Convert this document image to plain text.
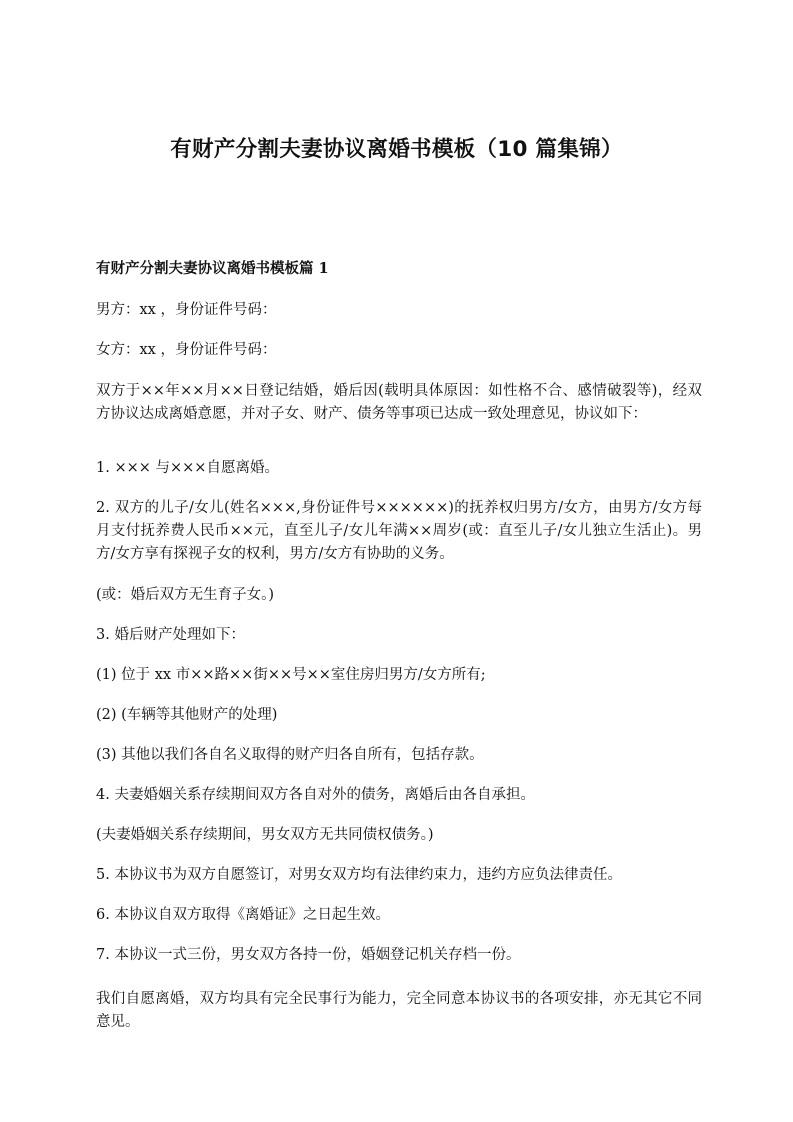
有财产分割夫妻协议离婚书模板（10 篇集锦）
有财产分割夫妻协议离婚书模板篇 1

男方：xx ，身份证件号码：

女方：xx ，身份证件号码：

双方于××年××月××日登记结婚，婚后因(载明具体原因：如性格不合、感情破裂等)，经双方协议达成离婚意愿，并对子女、财产、债务等事项已达成一致处理意见，协议如下：

1. ××× 与×××自愿离婚。

2. 双方的儿子/女儿(姓名×××,身份证件号××××××)的抚养权归男方/女方，由男方/女方每月支付抚养费人民币××元，直至儿子/女儿年满××周岁(或：直至儿子/女儿独立生活止)。男方/女方享有探视子女的权利，男方/女方有协助的义务。

(或：婚后双方无生育子女。)

3. 婚后财产处理如下：

(1) 位于 xx 市××路××街××号××室住房归男方/女方所有;

(2) (车辆等其他财产的处理)

(3) 其他以我们各自名义取得的财产归各自所有，包括存款。

4. 夫妻婚姻关系存续期间双方各自对外的债务，离婚后由各自承担。

(夫妻婚姻关系存续期间，男女双方无共同债权债务。)

5. 本协议书为双方自愿签订，对男女双方均有法律约束力，违约方应负法律责任。

6. 本协议自双方取得《离婚证》之日起生效。

7. 本协议一式三份，男女双方各持一份，婚姻登记机关存档一份。

我们自愿离婚，双方均具有完全民事行为能力，完全同意本协议书的各项安排，亦无其它不同意见。
